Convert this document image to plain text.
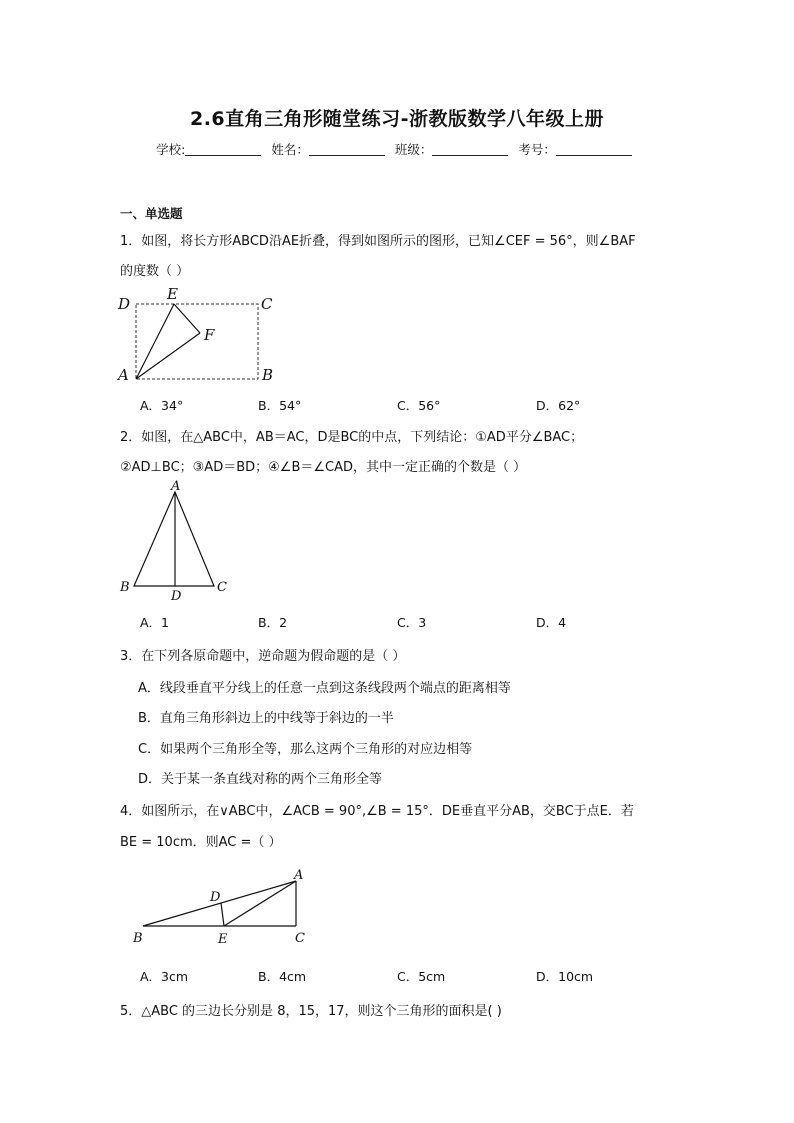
2.6直角三角形随堂练习-浙教版数学八年级上册
学校:	姓名：	班级：	考号：
一、单选题
1．如图，将长方形ABCD沿AE折叠，得到如图所示的图形，已知∠CEF = 56°，则∠BAF
的度数（ ）
D
E
C
F
A	B
A．34°	B．54°	C．56°	D．62°
2．如图，在△ABC中，AB＝AC，D是BC的中点，下列结论：①AD平分∠BAC；
②AD⊥BC；③AD＝BD；④∠B＝∠CAD，其中一定正确的个数是（ ）
A
B
D
C
A．1	B．2	C．3	D．4
3．在下列各原命题中，逆命题为假命题的是（ ）
A．线段垂直平分线上的任意一点到这条线段两个端点的距离相等
B．直角三角形斜边上的中线等于斜边的一半
C．如果两个三角形全等，那么这两个三角形的对应边相等
D．关于某一条直线对称的两个三角形全等
4．如图所示，在∨ABC中，∠ACB = 90°,∠B = 15°．DE垂直平分AB，交BC于点E．若
BE = 10cm．则AC =（ ）
A
D
B	E	C
A．3cm	B．4cm	C．5cm	D．10cm
5．△ABC 的三边长分别是 8，15，17，则这个三角形的面积是( )
